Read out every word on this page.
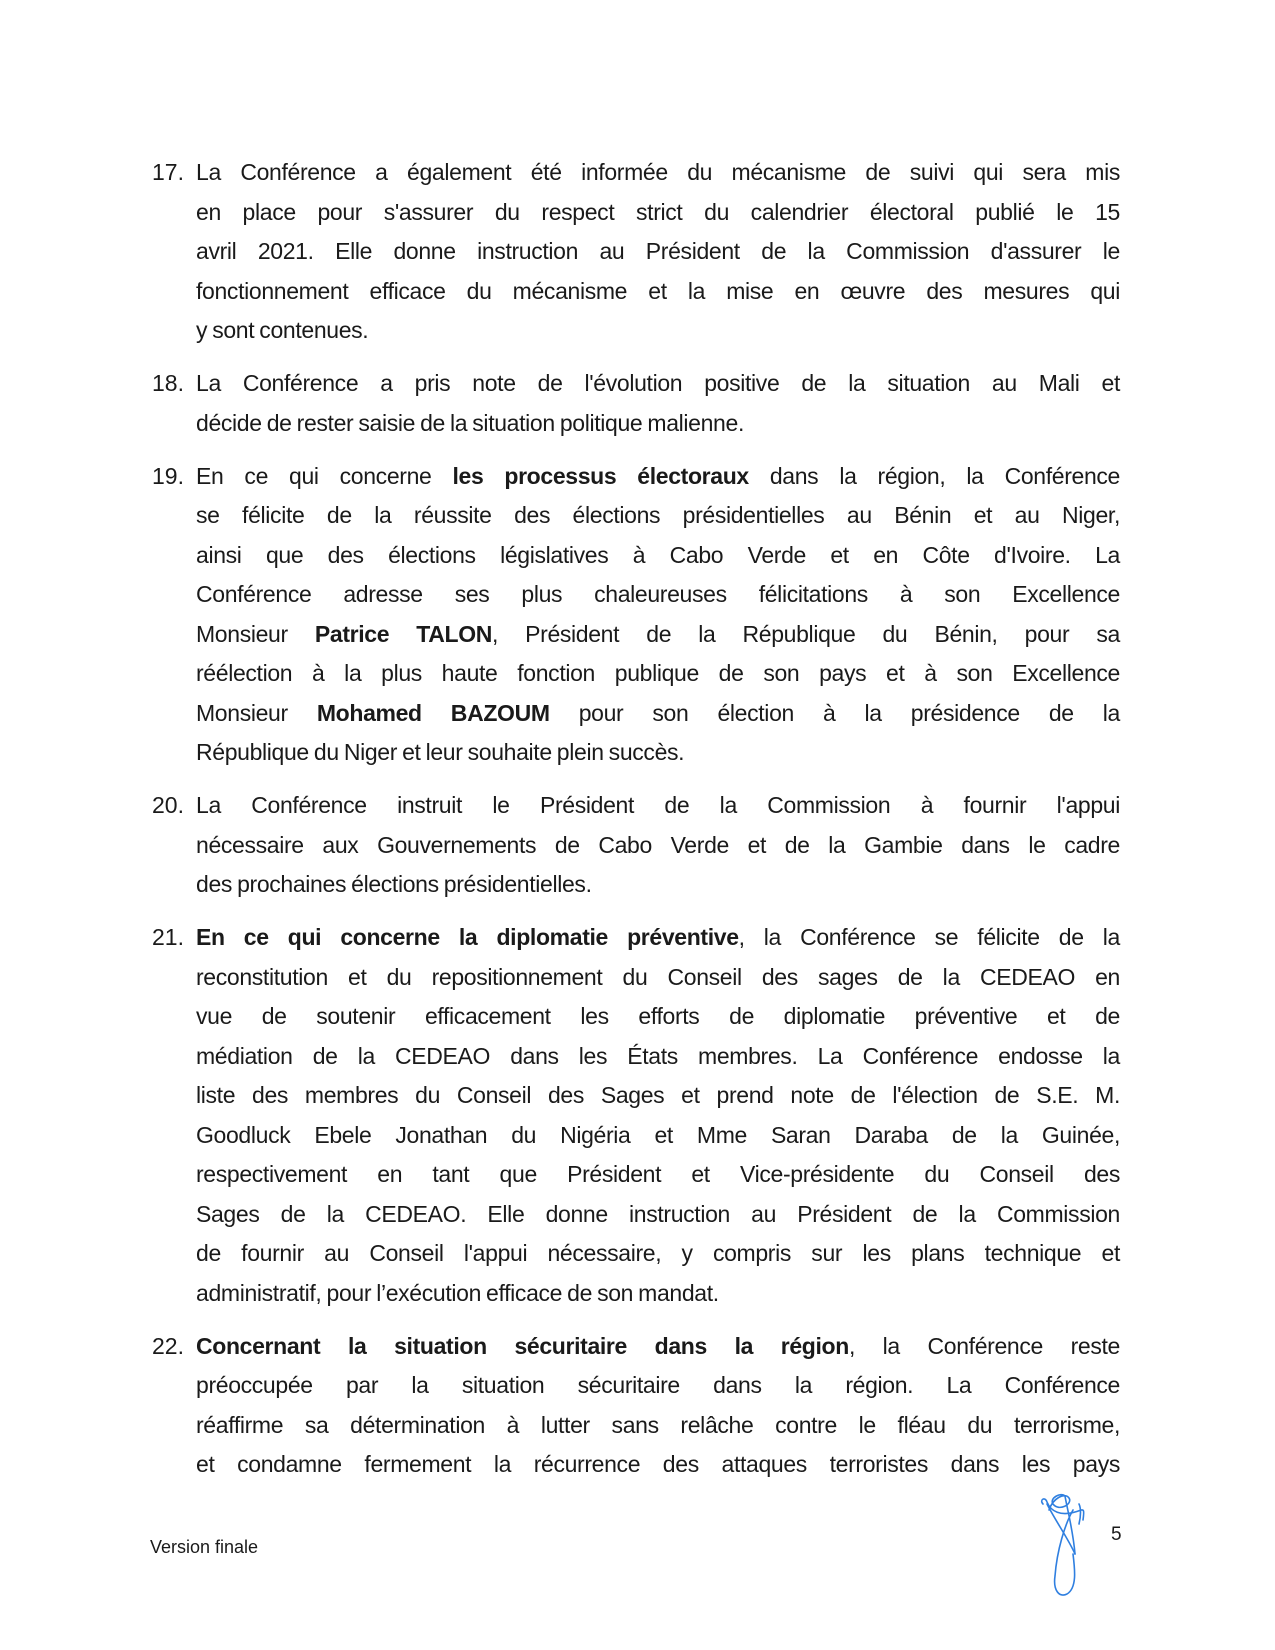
17. La Conférence a également été informée du mécanisme de suivi qui sera mis
en place pour s'assurer du respect strict du calendrier électoral publié le 15
avril 2021. Elle donne instruction au Président de la Commission d'assurer le
fonctionnement efficace du mécanisme et la mise en œuvre des mesures qui
y sont contenues.
18. La Conférence a pris note de l'évolution positive de la situation au Mali et
décide de rester saisie de la situation politique malienne.
19. En ce qui concerne les processus électoraux dans la région, la Conférence
se félicite de la réussite des élections présidentielles au Bénin et au Niger,
ainsi que des élections législatives à Cabo Verde et en Côte d'Ivoire. La
Conférence adresse ses plus chaleureuses félicitations à son Excellence
Monsieur Patrice TALON, Président de la République du Bénin, pour sa
réélection à la plus haute fonction publique de son pays et à son Excellence
Monsieur Mohamed BAZOUM pour son élection à la présidence de la
République du Niger et leur souhaite plein succès.
20. La Conférence instruit le Président de la Commission à fournir l'appui
nécessaire aux Gouvernements de Cabo Verde et de la Gambie dans le cadre
des prochaines élections présidentielles.
21. En ce qui concerne la diplomatie préventive, la Conférence se félicite de la
reconstitution et du repositionnement du Conseil des sages de la CEDEAO en
vue de soutenir efficacement les efforts de diplomatie préventive et de
médiation de la CEDEAO dans les États membres. La Conférence endosse la
liste des membres du Conseil des Sages et prend note de l'élection de S.E. M.
Goodluck Ebele Jonathan du Nigéria et Mme Saran Daraba de la Guinée,
respectivement en tant que Président et Vice-présidente du Conseil des
Sages de la CEDEAO. Elle donne instruction au Président de la Commission
de fournir au Conseil l'appui nécessaire, y compris sur les plans technique et
administratif, pour l’exécution efficace de son mandat.
22. Concernant la situation sécuritaire dans la région, la Conférence reste
préoccupée par la situation sécuritaire dans la région. La Conférence
réaffirme sa détermination à lutter sans relâche contre le fléau du terrorisme,
et condamne fermement la récurrence des attaques terroristes dans les pays
Version finale
5
